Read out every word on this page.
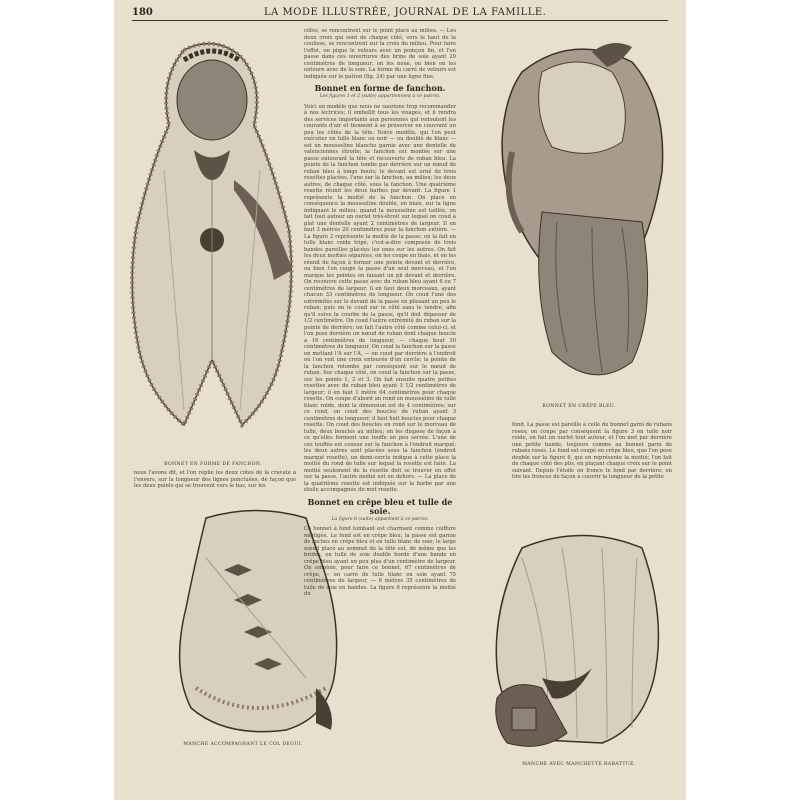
180	LA MODE ILLUSTRÉE, JOURNAL DE LA FAMILLE.
BONNET EN FORME DE FANCHON.
BONNET EN CRÊPE BLEU.
MANCHE ACCOMPAGNANT LE COL DEGUI.
MANCHE AVEC MANCHETTE RABATTUE.
côtés, se rencontrent sur le point placé au milieu. — Les deux croix qui sont de chaque côté, vers le haut de la coulisse, se rencontrent sur la croix du milieu. Pour faire l'effet, on pique le velours avec un poinçon fin, et l'on passe dans ces ouvertures des brins de soie ayant 20 centimètres de longueur; on les noue, ou bien on les entoure avec de la soie. La forme du carré de velours est indiquée sur le patron (fig. 24) par une ligne fine.
Bonnet en forme de fanchon.
Les figures 1 et 2 (suite) appartiennent à ce patron.
Voici un modèle que nous ne saurions trop recommander à nos lectrices; il embellit tous les visages, et il rendra des services importants aux personnes qui redoutent les courants d'air et tiennent à se préserver en couvrant un peu les côtés de la tête. Notre modèle, qui l'on peut exécuter en tulle blanc ou noir — ou doublé de blanc — est en mousseline blanche garnie avec une dentelle de valenciennes étroite; la fanchon est montée sur une passe entourant la tête et recouverte de ruban bleu. La pointe de la fanchon tombe par derrière sur un nœud de ruban bleu à longs bouts; le devant est orné de trois rosettes placées, l'une sur la fanchon, au milieu; les deux autres, de chaque côté, sous la fanchon. Une quatrième rosette réunit les deux barbes par devant. La figure 1 représente la moitié de la fanchon. On place en conséquence la mousseline double, en biais, sur la ligne indiquant le milieu; quand la mousseline est taillée, on fait tout autour un ourlet très-étroit sur lequel on coud à plat une dentelle ayant 2 centimètres de largeur. Il en faut 3 mètres 20 centimètres pour la fanchon entière. — La figure 2 représente la moitié de la passe; on la fait en tulle blanc roide tripé, c'est-à-dire composée de trois bandes pareilles placées les unes sur les autres. On fait les deux moitiés séparées, on les coupe en biais, et on les réunit de façon à former une pointe devant et derrière, ou bien l'on coupe la passe d'un seul morceau, et l'on marque les pointes en faisant un pli devant et derrière. On recouvre cette passe avec du ruban bleu ayant 6 ou 7 centimètres de largeur; il en faut deux morceaux, ayant chacun 33 centimètres de longueur. On coud l'une des extrémités sur le devant de la passe en plissant un peu le ruban; puis on le coud sur le côté sans le tendre, afin qu'il suive la courbe de la passe, qu'il doit dépasser de 1/2 centimètre. On coud l'autre extrémité du ruban sur la pointe de derrière; on fait l'autre côté comme celui-ci, et l'on pose derrière un nœud de ruban dont chaque boucle a 16 centimètres de longueur, — chaque bout 30 centimètres de longueur. On coud la fanchon sur la passe en mettant l'A sur l'A, — on coud par derrière à l'endroit où l'on voit une croix entourée d'un cercle; la pointe de la fanchon retombe par conséquent sur le nœud de ruban. Sur chaque côté, on coud la fanchon sur la passe, sur les points 1, 2 et 3. On fait ensuite quatre petites rosettes avec du ruban bleu ayant 3 1/2 centimètres de largeur; il en faut 1 mètre 64 centimètres pour chaque rosette. On coupe d'abord un rond en mousseline de tulle blanc roide, dont la dimension est de 4 centimètres; sur ce rond, on coud des boucles de ruban ayant 3 centimètres de longueur; il faut huit boucles pour chaque rosette. On coud des boucles en rond sur le morceau de tulle, deux boucles au milieu; on les dispose de façon à ce qu'elles forment une touffe un peu serrée. L'une de ces touffes est cousue sur la fanchon à l'endroit marqué; les deux autres sont placées sous la fanchon (endroit marqué rosette), un demi-cercle indique à cette place la moitié du rond de tulle sur lequel la rosette est faite. La moitié seulement de la rosette doit se trouver en effet sur la passe, l'autre moitié est en dehors. — La place de la quatrième rosette est indiquée sur la barbe par une étoile accompagnée du mot rosette.
Bonnet en crêpe bleu et tulle de soie.
La figure 6 (suite) appartient à ce patron.
Ce bonnet à fond tombant est charmant comme coiffure négligée. Le fond est en crêpe bleu; la passe est garnie de ruches en crêpe bleu et en tulle blanc de soie; le large nœud placé au sommet de la tête est, de même que les brides, en tulle de soie double bordé d'une bande en crêpe bleu ayant un peu plus d'un centimètre de largeur. On emploie, pour faire ce bonnet, 67 centimètres de crêpe, — un carré de tulle blanc en soie ayant 75 centimètres de largeur, — 6 mètres 35 centimètres de tulle de soie en bandes. La figure 6 représente la moitié du
nous l'avons dit, et l'on replie les deux côtés de la cravate à l'envers, sur la longueur des lignes ponctuées, de façon que les deux points qui se trouvent vers le bas, sur les
fond. La passe est pareille à celle du bonnet garni de rubans roses; on coupe par conséquent la figure 3 en tulle noir roide, on fait un ourlet tout autour, et l'on met par derrière une petite bande, toujours comme au bonnet garni de rubans roses. Le fond est coupé en crêpe bleu, que l'on pose double sur la figure 6, qui en représente la moitié; l'on fait de chaque côté des plis, en plaçant chaque croix sur le point suivant. Depuis l'étoile on fronce le fond par derrière; on tire les fronces de façon à couvrir la longueur de la petite
